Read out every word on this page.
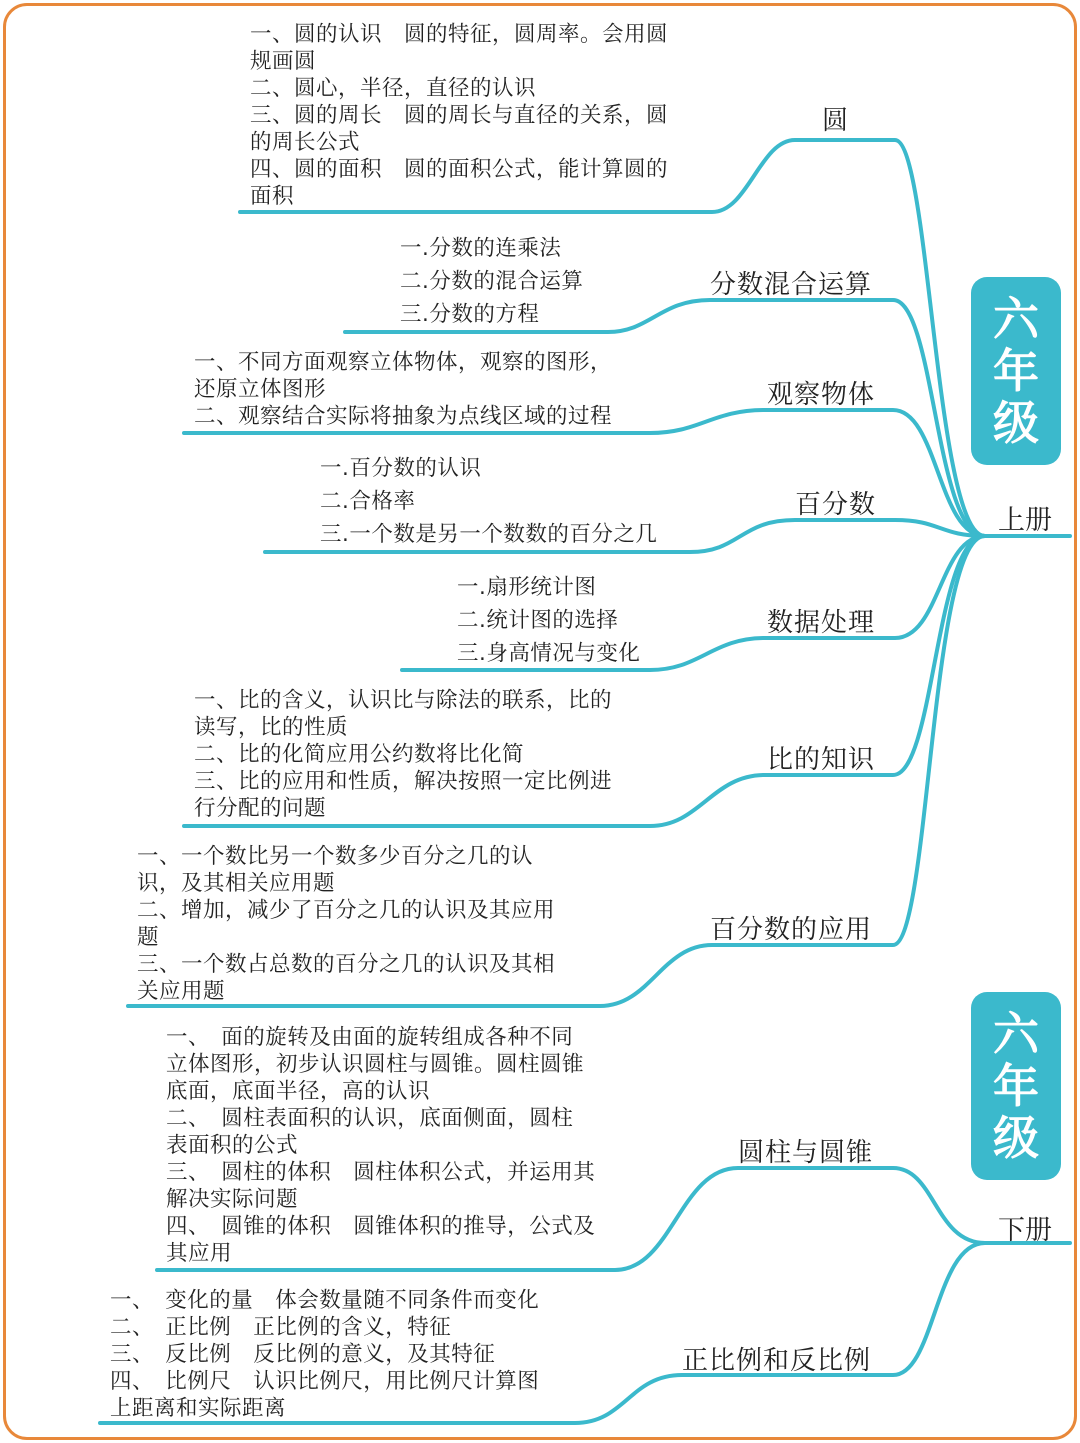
六
年
级
上册
六
年
级
下册
圆
分数混合运算
观察物体
百分数
数据处理
比的知识
百分数的应用
圆柱与圆锥
正比例和反比例
一、圆的认识　圆的特征，圆周率。会用圆
规画圆
二、圆心，半径，直径的认识
三、圆的周长　圆的周长与直径的关系，圆
的周长公式
四、圆的面积　圆的面积公式，能计算圆的
面积
一.分数的连乘法
二.分数的混合运算
三.分数的方程
一、不同方面观察立体物体，观察的图形，
还原立体图形
二、观察结合实际将抽象为点线区域的过程
一.百分数的认识
二.合格率
三.一个数是另一个数数的百分之几
一.扇形统计图
二.统计图的选择
三.身高情况与变化
一、比的含义，认识比与除法的联系，比的
读写，比的性质
二、比的化简应用公约数将比化简
三、比的应用和性质，解决按照一定比例进
行分配的问题
一、一个数比另一个数多少百分之几的认
识，及其相关应用题
二、增加，减少了百分之几的认识及其应用
题
三、一个数占总数的百分之几的认识及其相
关应用题
一、　面的旋转及由面的旋转组成各种不同
立体图形，初步认识圆柱与圆锥。圆柱圆锥
底面，底面半径，高的认识
二、　圆柱表面积的认识，底面侧面，圆柱
表面积的公式
三、　圆柱的体积　圆柱体积公式，并运用其
解决实际问题
四、　圆锥的体积　圆锥体积的推导，公式及
其应用
一、　变化的量　体会数量随不同条件而变化
二、　正比例　正比例的含义，特征
三、　反比例　反比例的意义，及其特征
四、　比例尺　认识比例尺，用比例尺计算图
上距离和实际距离
